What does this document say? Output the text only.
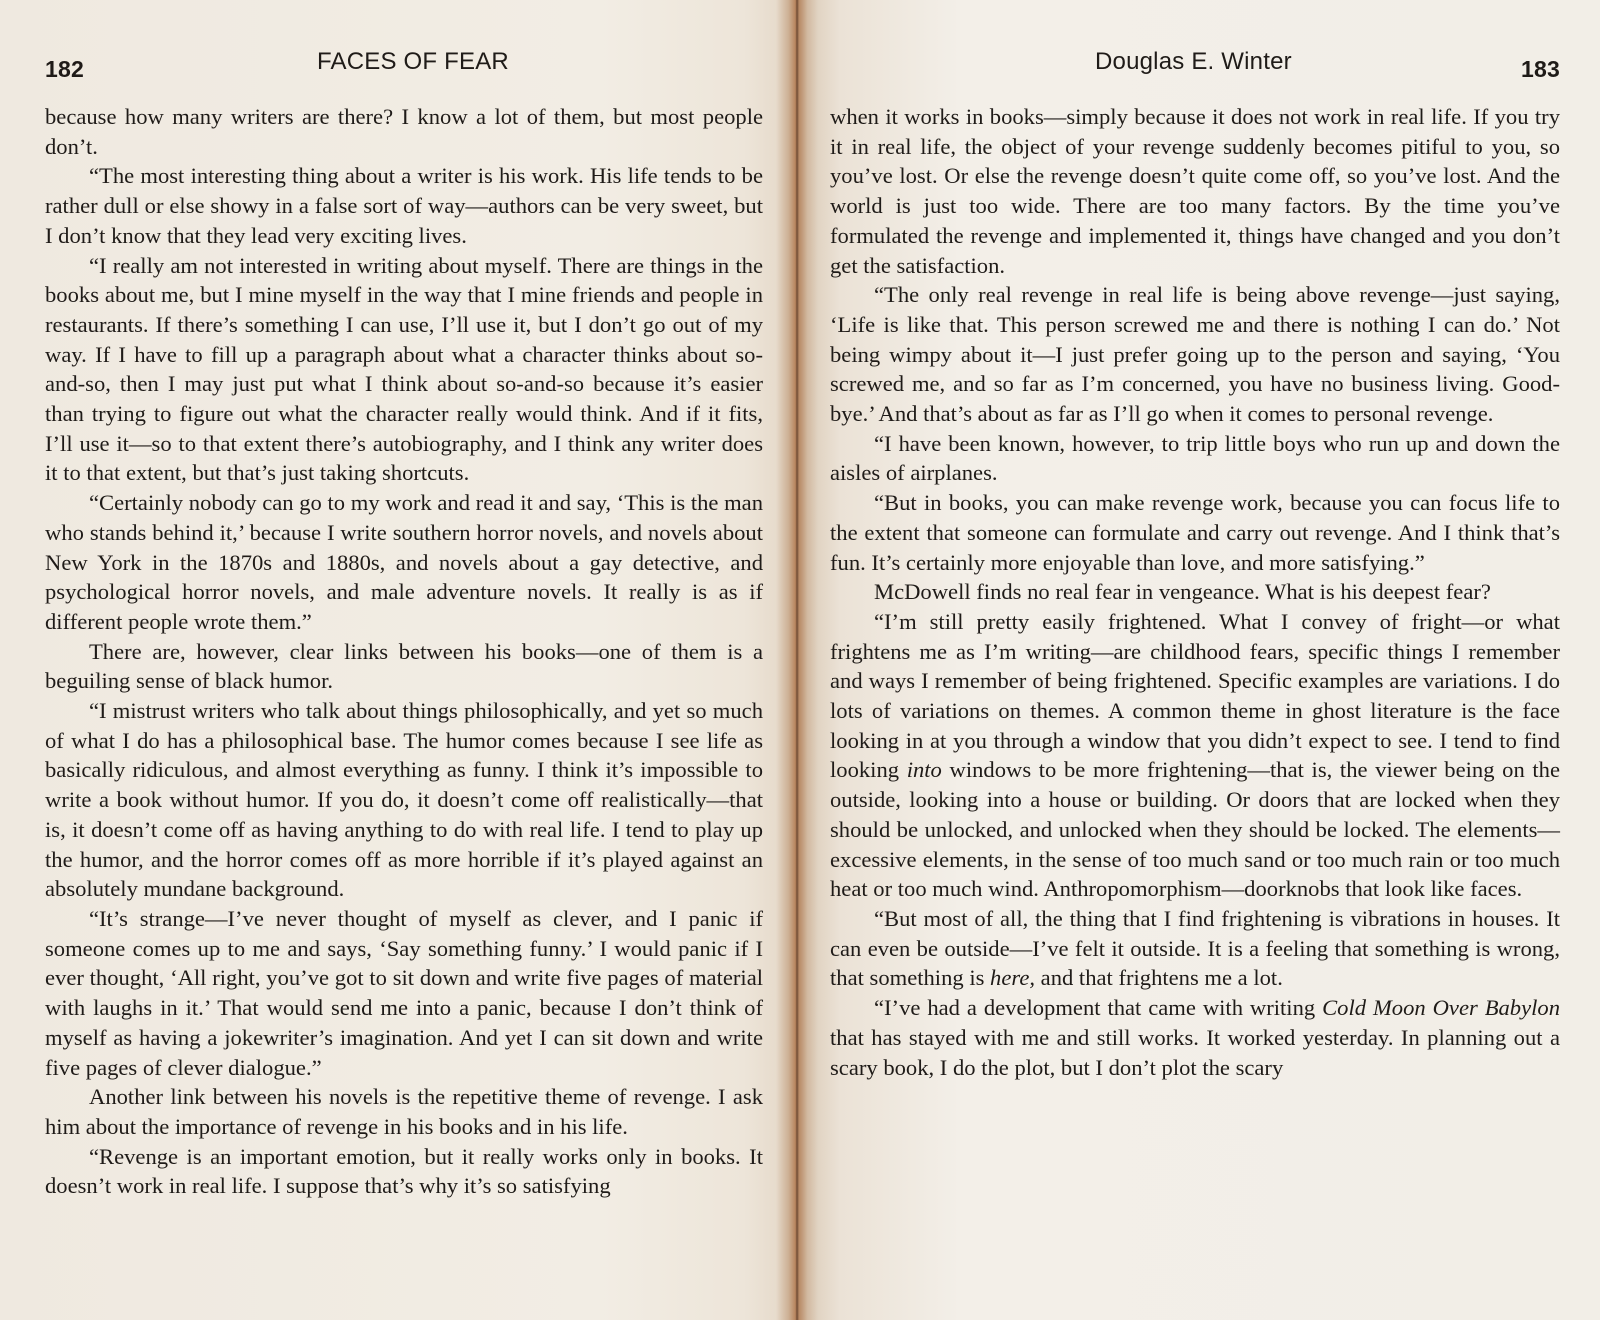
182	FACES OF FEAR

because how many writers are there? I know a lot of them, but most people don’t.

“The most interesting thing about a writer is his work. His life tends to be rather dull or else showy in a false sort of way—authors can be very sweet, but I don’t know that they lead very exciting lives.

“I really am not interested in writing about myself. There are things in the books about me, but I mine myself in the way that I mine friends and people in restaurants. If there’s something I can use, I’ll use it, but I don’t go out of my way. If I have to fill up a paragraph about what a character thinks about so-and-so, then I may just put what I think about so-and-so because it’s easier than trying to figure out what the character really would think. And if it fits, I’ll use it—so to that extent there’s autobiography, and I think any writer does it to that extent, but that’s just taking shortcuts.

“Certainly nobody can go to my work and read it and say, ‘This is the man who stands behind it,’ because I write southern horror novels, and novels about New York in the 1870s and 1880s, and novels about a gay detective, and psychological horror novels, and male adventure novels. It really is as if different people wrote them.”

There are, however, clear links between his books—one of them is a beguiling sense of black humor.

“I mistrust writers who talk about things philosophically, and yet so much of what I do has a philosophical base. The humor comes because I see life as basically ridiculous, and almost everything as funny. I think it’s impossible to write a book without humor. If you do, it doesn’t come off realistically—that is, it doesn’t come off as having anything to do with real life. I tend to play up the humor, and the horror comes off as more horrible if it’s played against an absolutely mundane background.

“It’s strange—I’ve never thought of myself as clever, and I panic if someone comes up to me and says, ‘Say something funny.’ I would panic if I ever thought, ‘All right, you’ve got to sit down and write five pages of material with laughs in it.’ That would send me into a panic, because I don’t think of myself as having a jokewriter’s imagination. And yet I can sit down and write five pages of clever dialogue.”

Another link between his novels is the repetitive theme of revenge. I ask him about the importance of revenge in his books and in his life.

“Revenge is an important emotion, but it really works only in books. It doesn’t work in real life. I suppose that’s why it’s so satisfying

Douglas E. Winter	183

when it works in books—simply because it does not work in real life. If you try it in real life, the object of your revenge suddenly becomes pitiful to you, so you’ve lost. Or else the revenge doesn’t quite come off, so you’ve lost. And the world is just too wide. There are too many factors. By the time you’ve formulated the revenge and implemented it, things have changed and you don’t get the satisfaction.

“The only real revenge in real life is being above revenge—just saying, ‘Life is like that. This person screwed me and there is nothing I can do.’ Not being wimpy about it—I just prefer going up to the person and saying, ‘You screwed me, and so far as I’m concerned, you have no business living. Good-bye.’ And that’s about as far as I’ll go when it comes to personal revenge.

“I have been known, however, to trip little boys who run up and down the aisles of airplanes.

“But in books, you can make revenge work, because you can focus life to the extent that someone can formulate and carry out revenge. And I think that’s fun. It’s certainly more enjoyable than love, and more satisfying.”

McDowell finds no real fear in vengeance. What is his deepest fear?

“I’m still pretty easily frightened. What I convey of fright—or what frightens me as I’m writing—are childhood fears, specific things I remember and ways I remember of being frightened. Specific examples are variations. I do lots of variations on themes. A common theme in ghost literature is the face looking in at you through a window that you didn’t expect to see. I tend to find looking into windows to be more frightening—that is, the viewer being on the outside, looking into a house or building. Or doors that are locked when they should be unlocked, and unlocked when they should be locked. The elements—excessive elements, in the sense of too much sand or too much rain or too much heat or too much wind. Anthropomorphism—doorknobs that look like faces.

“But most of all, the thing that I find frightening is vibrations in houses. It can even be outside—I’ve felt it outside. It is a feeling that something is wrong, that something is here, and that frightens me a lot.

“I’ve had a development that came with writing Cold Moon Over Babylon that has stayed with me and still works. It worked yesterday. In planning out a scary book, I do the plot, but I don’t plot the scary
